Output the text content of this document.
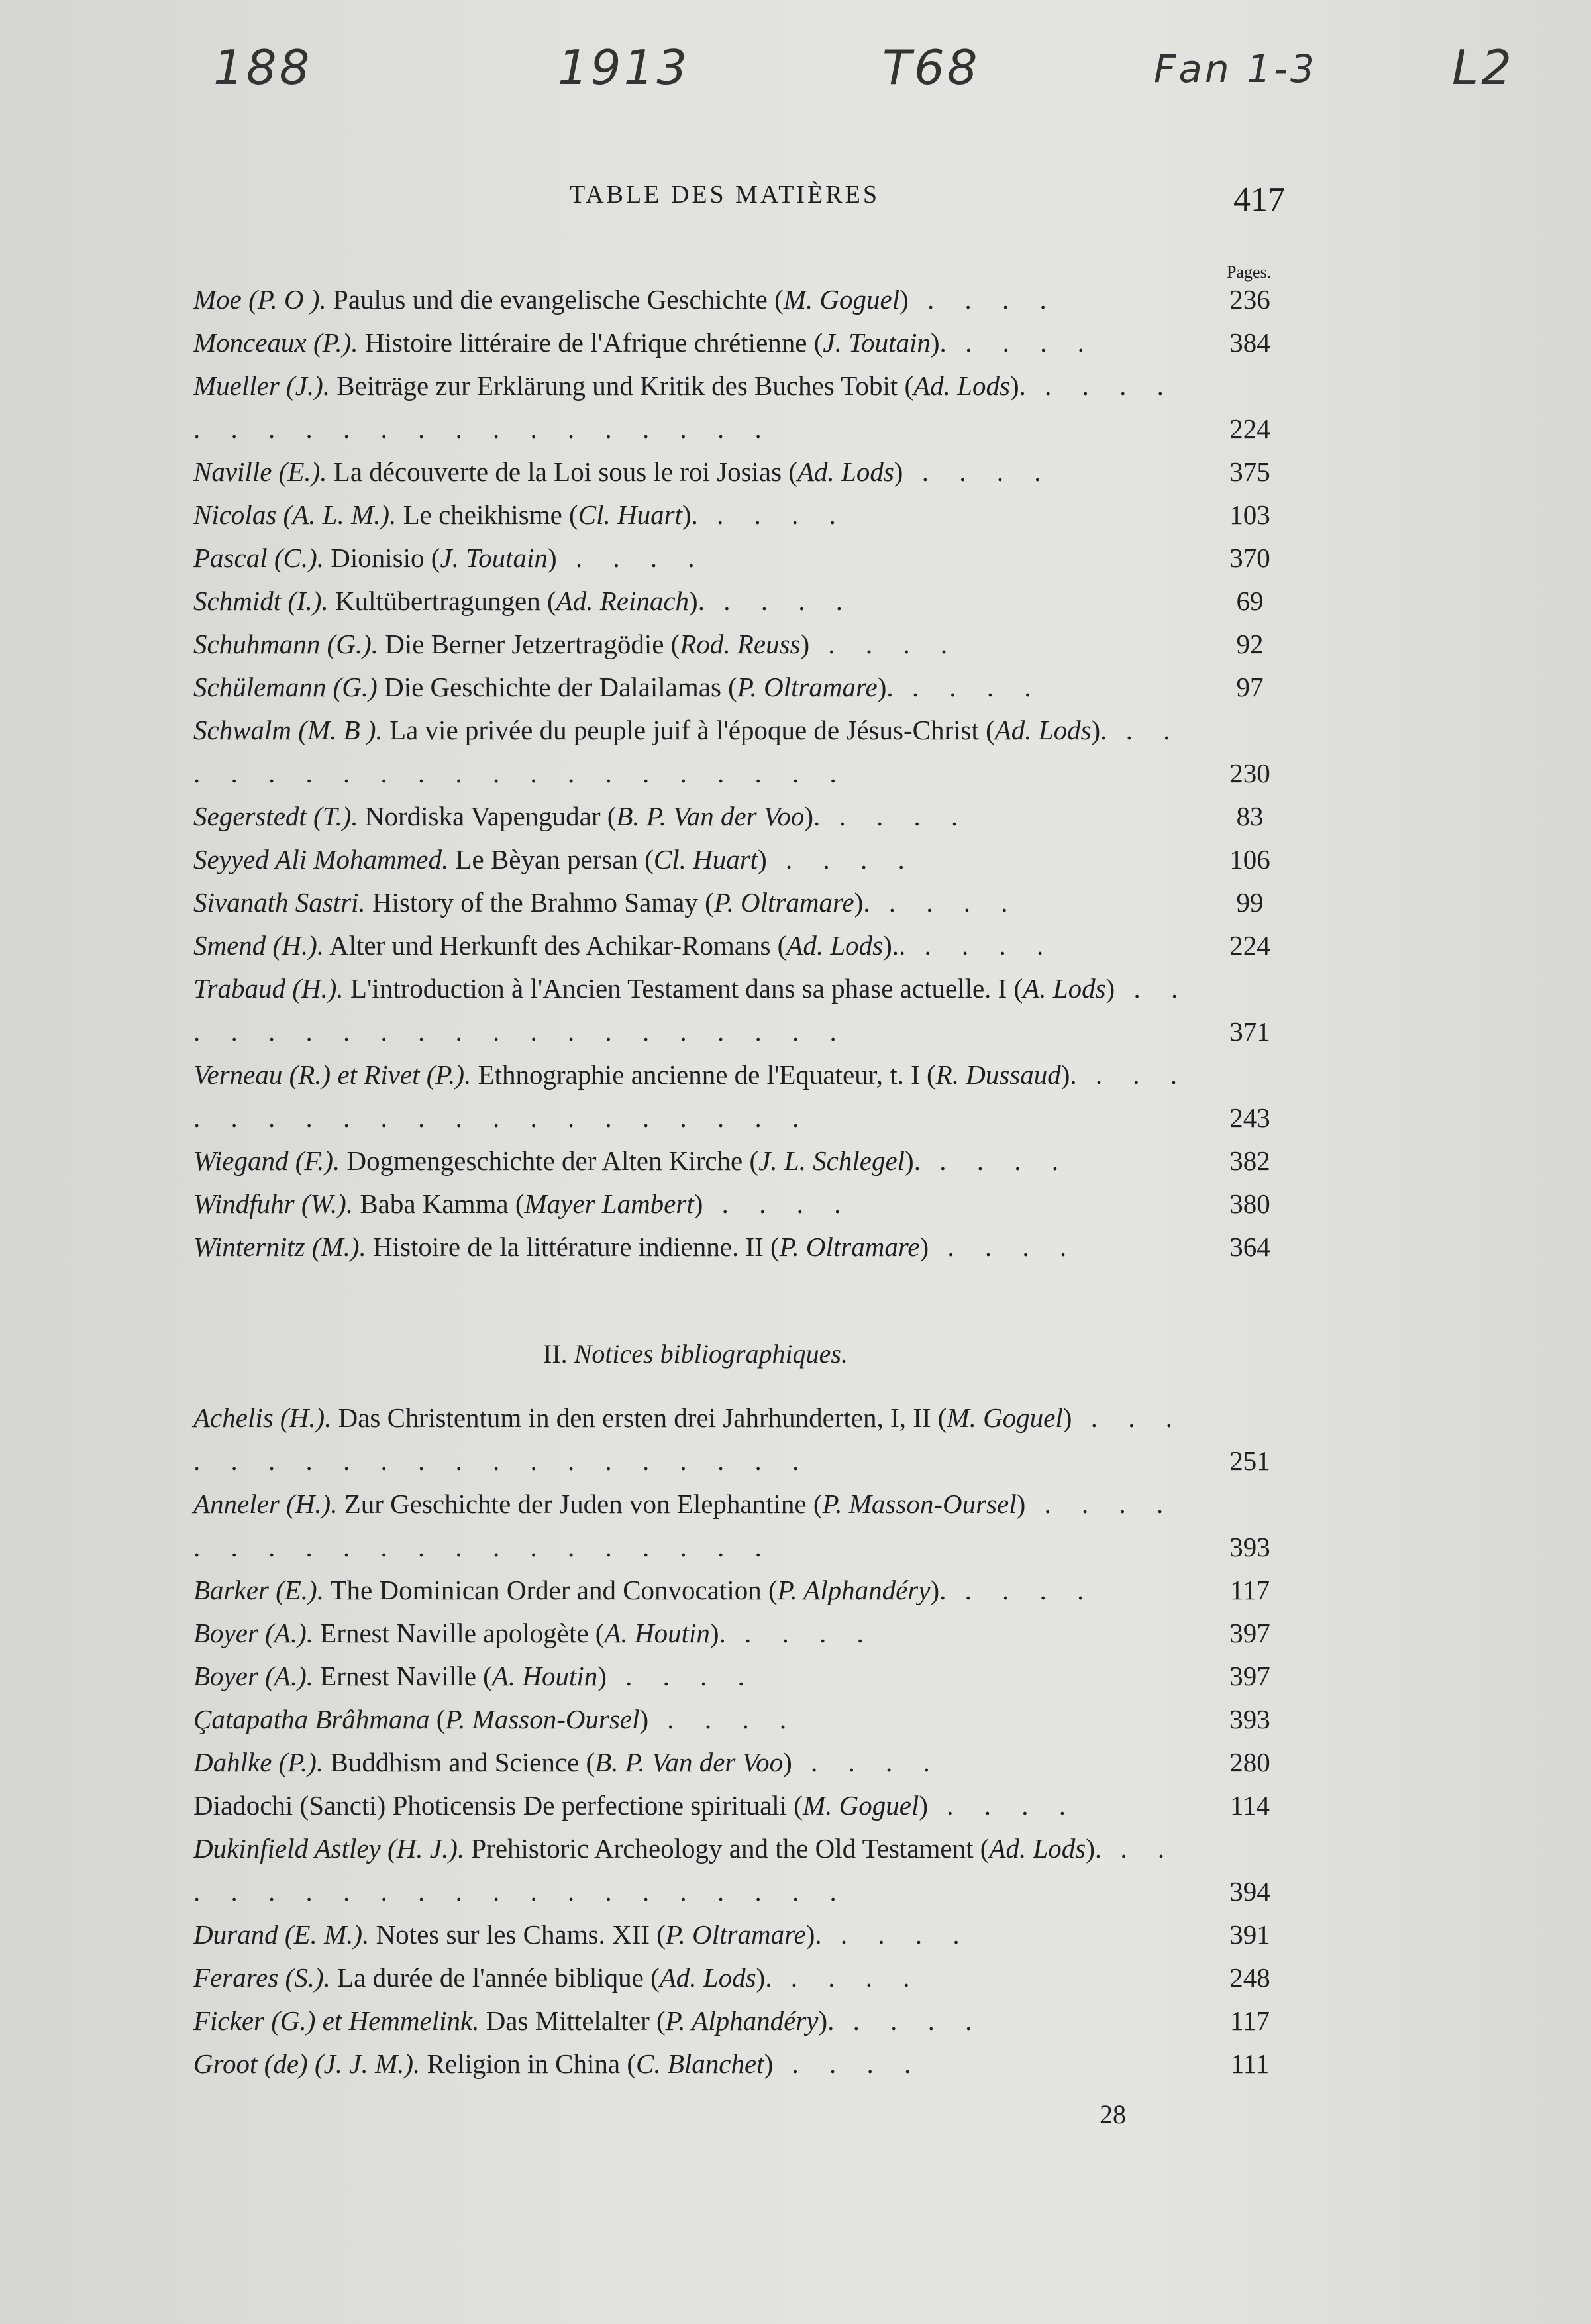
188	1913	T68	Fan 1-3	L2
TABLE DES MATIÈRES	417
Pages.
Moe (P. O ). Paulus und die evangelische Geschichte (M. Goguel) . . . .	236
Monceaux (P.). Histoire littéraire de l'Afrique chrétienne (J. Toutain). . . . .	384
Mueller (J.). Beiträge zur Erklärung und Kritik des Buches Tobit (Ad. Lods). . . . . . . . . . . . . . . . . . . . .	224
Naville (E.). La découverte de la Loi sous le roi Josias (Ad. Lods) . . . .	375
Nicolas (A. L. M.). Le cheikhisme (Cl. Huart). . . . .	103
Pascal (C.). Dionisio (J. Toutain) . . . .	370
Schmidt (I.). Kultübertragungen (Ad. Reinach). . . . .	69
Schuhmann (G.). Die Berner Jetzertragödie (Rod. Reuss) . . . .	92
Schülemann (G.) Die Geschichte der Dalailamas (P. Oltramare). . . . .	97
Schwalm (M. B ). La vie privée du peuple juif à l'époque de Jésus-Christ (Ad. Lods). . . . . . . . . . . . . . . . . . . . .	230
Segerstedt (T.). Nordiska Vapengudar (B. P. Van der Voo). . . . .	83
Seyyed Ali Mohammed. Le Bèyan persan (Cl. Huart) . . . .	106
Sivanath Sastri. History of the Brahmo Samay (P. Oltramare). . . . .	99
Smend (H.). Alter und Herkunft des Achikar-Romans (Ad. Lods).. . . . .	224
Trabaud (H.). L'introduction à l'Ancien Testament dans sa phase actuelle. I (A. Lods) . . . . . . . . . . . . . . . . . . . .	371
Verneau (R.) et Rivet (P.). Ethnographie ancienne de l'Equateur, t. I (R. Dussaud). . . . . . . . . . . . . . . . . . . . .	243
Wiegand (F.). Dogmengeschichte der Alten Kirche (J. L. Schlegel). . . . .	382
Windfuhr (W.). Baba Kamma (Mayer Lambert) . . . .	380
Winternitz (M.). Histoire de la littérature indienne. II (P. Oltramare) . . . .	364
II. Notices bibliographiques.
Achelis (H.). Das Christentum in den ersten drei Jahrhunderten, I, II (M. Goguel) . . . . . . . . . . . . . . . . . . . .	251
Anneler (H.). Zur Geschichte der Juden von Elephantine (P. Masson-Oursel) . . . . . . . . . . . . . . . . . . . .	393
Barker (E.). The Dominican Order and Convocation (P. Alphandéry). . . . .	117
Boyer (A.). Ernest Naville apologète (A. Houtin). . . . .	397
Boyer (A.). Ernest Naville (A. Houtin) . . . .	397
Çatapatha Brâhmana (P. Masson-Oursel) . . . .	393
Dahlke (P.). Buddhism and Science (B. P. Van der Voo) . . . .	280
Diadochi (Sancti) Photicensis De perfectione spirituali (M. Goguel) . . . .	114
Dukinfield Astley (H. J.). Prehistoric Archeology and the Old Testament (Ad. Lods). . . . . . . . . . . . . . . . . . . . .	394
Durand (E. M.). Notes sur les Chams. XII (P. Oltramare). . . . .	391
Ferares (S.). La durée de l'année biblique (Ad. Lods). . . . .	248
Ficker (G.) et Hemmelink. Das Mittelalter (P. Alphandéry). . . . .	117
Groot (de) (J. J. M.). Religion in China (C. Blanchet) . . . .	111
28
